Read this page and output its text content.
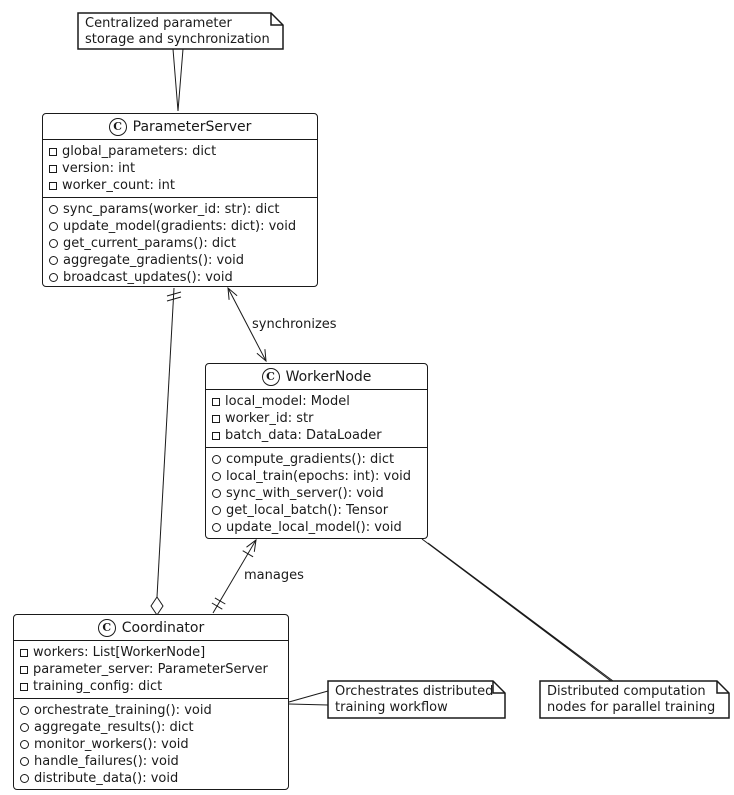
C ParameterServer
global_parameters: dict
version: int
worker_count: int
sync_params(worker_id: str): dict
update_model(gradients: dict): void
get_current_params(): dict
aggregate_gradients(): void
broadcast_updates(): void
C WorkerNode
local_model: Model
worker_id: str
batch_data: DataLoader
compute_gradients(): dict
local_train(epochs: int): void
sync_with_server(): void
get_local_batch(): Tensor
update_local_model(): void
C Coordinator
workers: List[WorkerNode]
parameter_server: ParameterServer
training_config: dict
orchestrate_training(): void
aggregate_results(): dict
monitor_workers(): void
handle_failures(): void
distribute_data(): void
Centralized parameter
storage and synchronization
Orchestrates distributed
training workflow
Distributed computation
nodes for parallel training
synchronizes
manages
